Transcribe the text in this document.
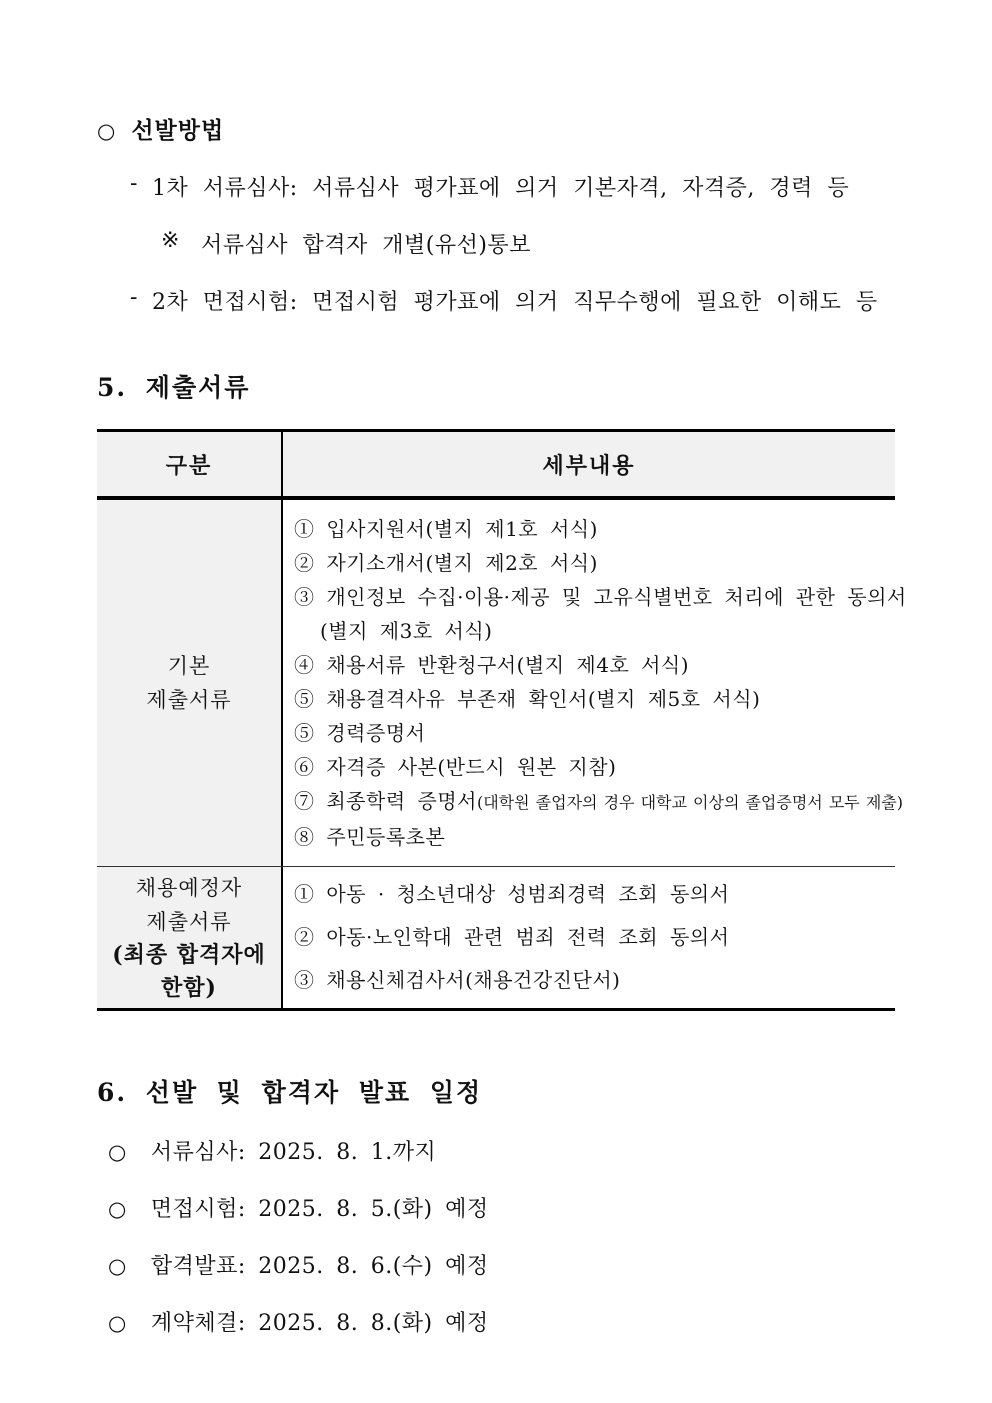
○ 선발방법
- 1차 서류심사: 서류심사 평가표에 의거 기본자격, 자격증, 경력 등
※ 서류심사 합격자 개별(유선)통보
- 2차 면접시험: 면접시험 평가표에 의거 직무수행에 필요한 이해도 등
5. 제출서류
구분	세부내용
기본
제출서류
① 입사지원서(별지 제1호 서식)
② 자기소개서(별지 제2호 서식)
③ 개인정보 수집·이용·제공 및 고유식별번호 처리에 관한 동의서
(별지 제3호 서식)
④ 채용서류 반환청구서(별지 제4호 서식)
⑤ 채용결격사유 부존재 확인서(별지 제5호 서식)
⑤ 경력증명서
⑥ 자격증 사본(반드시 원본 지참)
⑦ 최종학력 증명서(대학원 졸업자의 경우 대학교 이상의 졸업증명서 모두 제출)
⑧ 주민등록초본
채용예정자
제출서류
(최종 합격자에
한함)
① 아동 · 청소년대상 성범죄경력 조회 동의서
② 아동·노인학대 관련 범죄 전력 조회 동의서
③ 채용신체검사서(채용건강진단서)
6. 선발 및 합격자 발표 일정
○ 서류심사: 2025. 8. 1.까지
○ 면접시험: 2025. 8. 5.(화) 예정
○ 합격발표: 2025. 8. 6.(수) 예정
○ 계약체결: 2025. 8. 8.(화) 예정
